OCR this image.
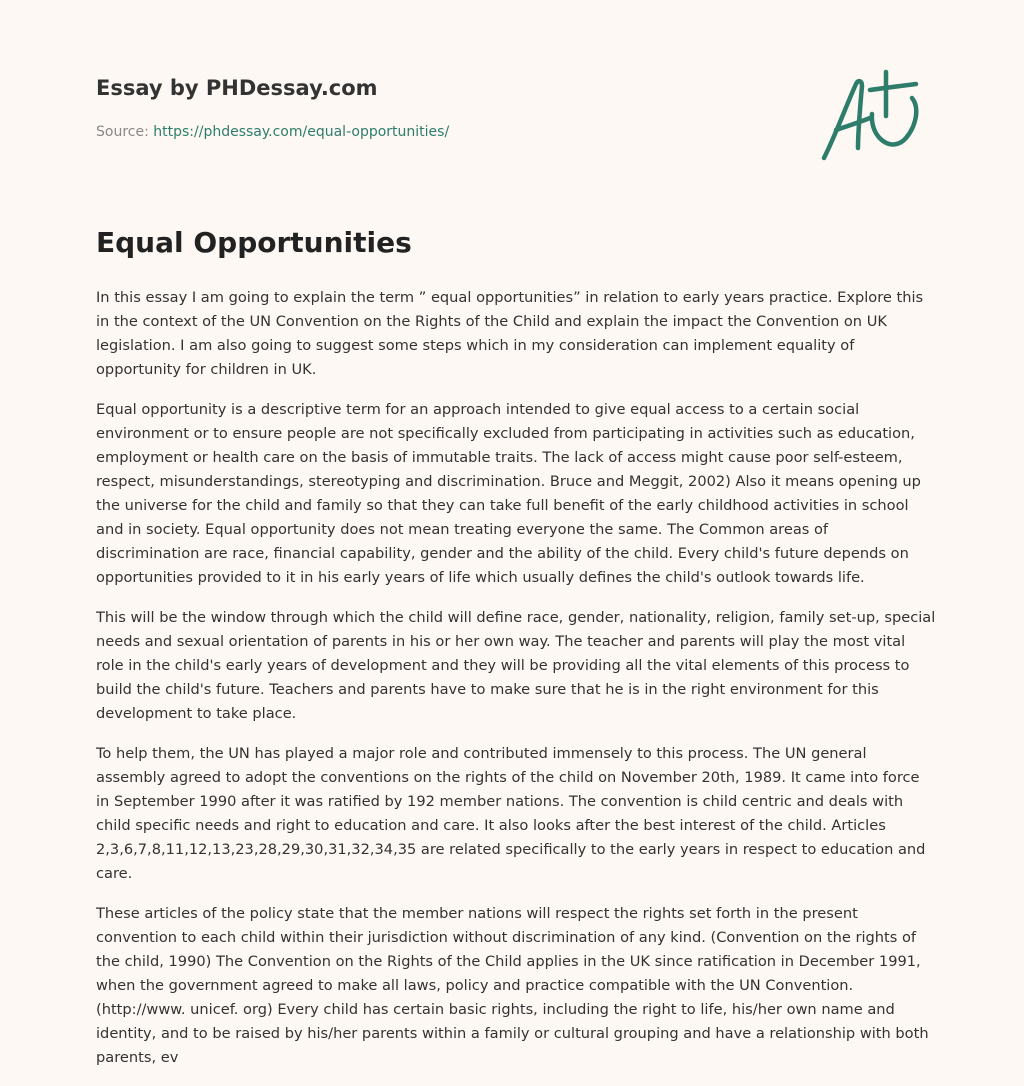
Essay by PHDessay.com
Source: https://phdessay.com/equal-opportunities/
Equal Opportunities

In this essay I am going to explain the term ” equal opportunities” in relation to early years practice. Explore this in the context of the UN Convention on the Rights of the Child and explain the impact the Convention on UK legislation. I am also going to suggest some steps which in my consideration can implement equality of opportunity for children in UK.

Equal opportunity is a descriptive term for an approach intended to give equal access to a certain social environment or to ensure people are not specifically excluded from participating in activities such as education, employment or health care on the basis of immutable traits. The lack of access might cause poor self-esteem, respect, misunderstandings, stereotyping and discrimination. Bruce and Meggit, 2002) Also it means opening up the universe for the child and family so that they can take full benefit of the early childhood activities in school and in society. Equal opportunity does not mean treating everyone the same. The Common areas of discrimination are race, financial capability, gender and the ability of the child. Every child's future depends on opportunities provided to it in his early years of life which usually defines the child's outlook towards life.

This will be the window through which the child will define race, gender, nationality, religion, family set-up, special needs and sexual orientation of parents in his or her own way. The teacher and parents will play the most vital role in the child's early years of development and they will be providing all the vital elements of this process to build the child's future. Teachers and parents have to make sure that he is in the right environment for this development to take place.

To help them, the UN has played a major role and contributed immensely to this process. The UN general assembly agreed to adopt the conventions on the rights of the child on November 20th, 1989. It came into force in September 1990 after it was ratified by 192 member nations. The convention is child centric and deals with child specific needs and right to education and care. It also looks after the best interest of the child. Articles 2,3,6,7,8,11,12,13,23,28,29,30,31,32,34,35 are related specifically to the early years in respect to education and care.

These articles of the policy state that the member nations will respect the rights set forth in the present convention to each child within their jurisdiction without discrimination of any kind. (Convention on the rights of the child, 1990) The Convention on the Rights of the Child applies in the UK since ratification in December 1991, when the government agreed to make all laws, policy and practice compatible with the UN Convention. (http://www. unicef. org) Every child has certain basic rights, including the right to life, his/her own name and identity, and to be raised by his/her parents within a family or cultural grouping and have a relationship with both parents, ev
